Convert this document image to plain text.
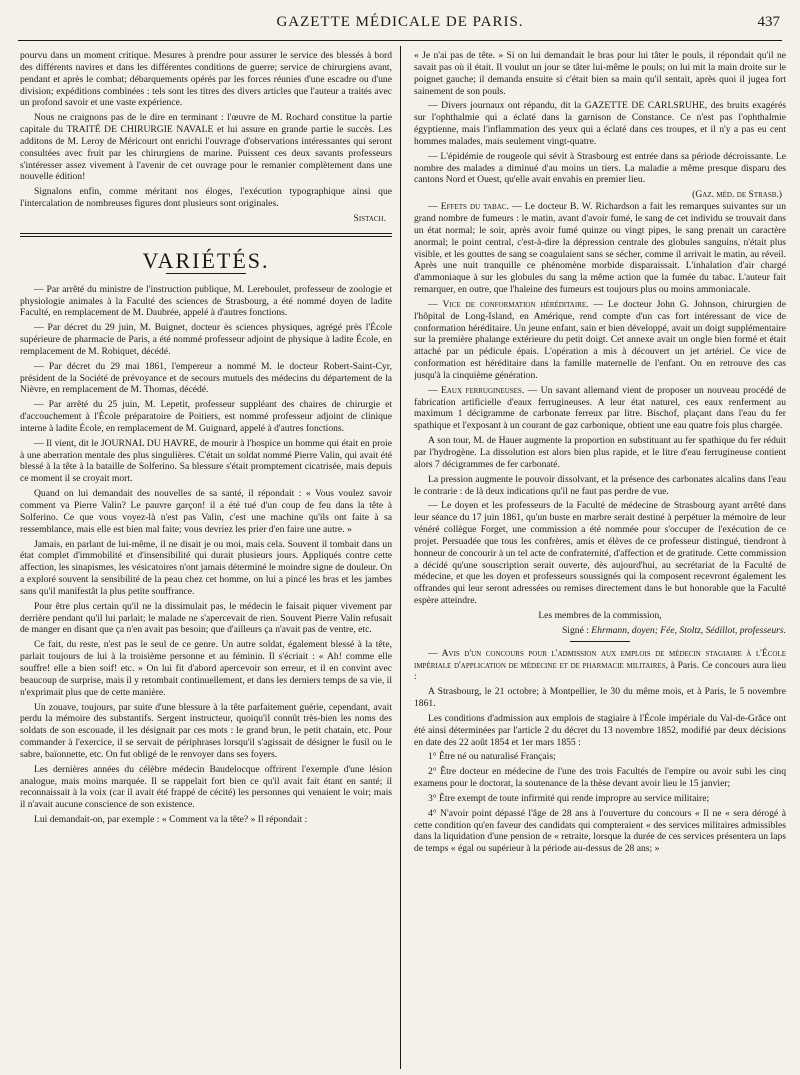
GAZETTE MÉDICALE DE PARIS.	437

pourvu dans un moment critique. Mesures à prendre pour assurer le service des blessés à bord des différents navires et dans les différentes conditions de guerre; service de chirurgiens avant, pendant et après le combat; débarquements opérés par les forces réunies d'une escadre ou d'une division; expéditions combinées : tels sont les titres des divers articles que l'auteur a traités avec un profond savoir et une vaste expérience.

Nous ne craignons pas de le dire en terminant : l'œuvre de M. Rochard constitue la partie capitale du TRAITÉ DE CHIRURGIE NAVALE et lui assure en grande partie le succès. Les additons de M. Leroy de Méricourt ont enrichi l'ouvrage d'observations intéressantes qui seront consultées avec fruit par les chirurgiens de marine. Puissent ces deux savants professeurs s'intéresser assez vivement à l'avenir de cet ouvrage pour le remanier complètement dans une nouvelle édition!

Signalons enfin, comme méritant nos éloges, l'exécution typographique ainsi que l'intercalation de nombreuses figures dont plusieurs sont originales.

Sistach.
VARIÉTÉS.

— Par arrêté du ministre de l'instruction publique, M. Lereboulet, professeur de zoologie et physiologie animales à la Faculté des sciences de Strasbourg, a été nommé doyen de ladite Faculté, en remplacement de M. Daubrée, appelé à d'autres fonctions.

— Par décret du 29 juin, M. Buignet, docteur ès sciences physiques, agrégé près l'École supérieure de pharmacie de Paris, a été nommé professeur adjoint de physique à ladite École, en remplacement de M. Robiquet, décédé.

— Par décret du 29 mai 1861, l'empereur a nommé M. le docteur Robert-Saint-Cyr, président de la Société de prévoyance et de secours mutuels des médecins du département de la Nièvre, en remplacement de M. Thomas, décédé.

— Par arrêté du 25 juin, M. Lepetit, professeur suppléant des chaires de chirurgie et d'accouchement à l'École préparatoire de Poitiers, est nommé professeur adjoint de clinique interne à ladite École, en remplacement de M. Guignard, appelé à d'autres fonctions.

— Il vient, dit le JOURNAL DU HAVRE, de mourir à l'hospice un homme qui était en proie à une aberration mentale des plus singulières. C'était un soldat nommé Pierre Valin, qui avait été blessé à la tête à la bataille de Solferino. Sa blessure s'était promptement cicatrisée, mais depuis ce moment il se croyait mort.

Quand on lui demandait des nouvelles de sa santé, il répondait : « Vous voulez savoir comment va Pierre Valin? Le pauvre garçon! il a été tué d'un coup de feu dans la tête à Solferino. Ce que vous voyez-là n'est pas Valin, c'est une machine qu'ils ont faite à sa ressemblance, mais elle est bien mal faite; vous devriez les prier d'en faire une autre. »

Jamais, en parlant de lui-même, il ne disait je ou moi, mais cela. Souvent il tombait dans un état complet d'immobilité et d'insensibilité qui durait plusieurs jours. Appliqués contre cette affection, les sinapismes, les vésicatoires n'ont jamais déterminé le moindre signe de douleur. On a exploré souvent la sensibilité de la peau chez cet homme, on lui a pincé les bras et les jambes sans qu'il manifestât la plus petite souffrance.

Pour être plus certain qu'il ne la dissimulait pas, le médecin le faisait piquer vivement par derrière pendant qu'il lui parlait; le malade ne s'apercevait de rien. Souvent Pierre Valin refusait de manger en disant que ça n'en avait pas besoin; que d'ailleurs ça n'avait pas de ventre, etc.

Ce fait, du reste, n'est pas le seul de ce genre. Un autre soldat, également blessé à la tête, parlait toujours de lui à la troisième personne et au féminin. Il s'écriait : « Ah! comme elle souffre! elle a bien soif! etc. » On lui fit d'abord apercevoir son erreur, et il en convint avec beaucoup de surprise, mais il y retombait continuellement, et dans les derniers temps de sa vie, il n'exprimait plus que de cette manière.

Un zouave, toujours, par suite d'une blessure à la tête parfaitement guérie, cependant, avait perdu la mémoire des substantifs. Sergent instructeur, quoiqu'il connût très-bien les noms des soldats de son escouade, il les désignait par ces mots : le grand brun, le petit chatain, etc. Pour commander à l'exercice, il se servait de périphrases lorsqu'il s'agissait de désigner le fusil ou le sabre, baïonnette, etc. On fut obligé de le renvoyer dans ses foyers.

Les dernières années du célèbre médecin Baudelocque offrirent l'exemple d'une lésion analogue, mais moins marquée. Il se rappelait fort bien ce qu'il avait fait étant en santé; il reconnaissait à la voix (car il avait été frappé de cécité) les personnes qui venaient le voir; mais il n'avait aucune conscience de son existence.

Lui demandait-on, par exemple : « Comment va la tête? » Il répondait :

« Je n'ai pas de tête. » Si on lui demandait le bras pour lui tâter le pouls, il répondait qu'il ne savait pas où il était. Il voulut un jour se tâter lui-même le pouls; on lui mit la main droite sur le poignet gauche; il demanda ensuite si c'était bien sa main qu'il sentait, après quoi il jugea fort sainement de son pouls.

— Divers journaux ont répandu, dit la GAZETTE DE CARLSRUHE, des bruits exagérés sur l'ophthalmie qui a éclaté dans la garnison de Constance. Ce n'est pas l'ophthalmie égyptienne, mais l'inflammation des yeux qui a éclaté dans ces troupes, et il n'y a pas eu cent hommes malades, mais seulement vingt-quatre.

— L'épidémie de rougeole qui sévit à Strasbourg est entrée dans sa période décroissante. Le nombre des malades a diminué d'au moins un tiers. La maladie a même presque disparu des cantons Nord et Ouest, qu'elle avait envahis en premier lieu.

(Gaz. méd. de Strasb.)

— Effets du tabac. — Le docteur B. W. Richardson a fait les remarques suivantes sur un grand nombre de fumeurs : le matin, avant d'avoir fumé, le sang de cet individu se trouvait dans un état normal; le soir, après avoir fumé quinze ou vingt pipes, le sang prenait un caractère anormal; le point central, c'est-à-dire la dépression centrale des globules sanguins, n'était plus visible, et les gouttes de sang se coagulaient sans se sécher, comme il arrivait le matin, au réveil. Après une nuit tranquille ce phénomène morbide disparaissait. L'inhalation d'air chargé d'ammoniaque à sur les globules du sang la même action que la fumée du tabac. L'auteur fait remarquer, en outre, que l'haleine des fumeurs est toujours plus ou moins ammoniacale.

— Vice de conformation héréditaire. — Le docteur John G. Johnson, chirurgien de l'hôpital de Long-Island, en Amérique, rend compte d'un cas fort intéressant de vice de conformation héréditaire. Un jeune enfant, sain et bien développé, avait un doigt supplémentaire sur la première phalange extérieure du petit doigt. Cet annexe avait un ongle bien formé et était attaché par un pédicule épais. L'opération a mis à découvert un jet artériel. Ce vice de conformation est héréditaire dans la famille maternelle de l'enfant. On en retrouve des cas jusqu'à la cinquième génération.

— Eaux ferrugineuses. — Un savant allemand vient de proposer un nouveau procédé de fabrication artificielle d'eaux ferrugineuses. A leur état naturel, ces eaux renferment au maximum 1 décigramme de carbonate ferreux par litre. Bischof, plaçant dans l'eau du fer spathique et l'exposant à un courant de gaz carbonique, obtient une eau quatre fois plus chargée.

A son tour, M. de Hauer augmente la proportion en substituant au fer spathique du fer réduit par l'hydrogène. La dissolution est alors bien plus rapide, et le litre d'eau ferrugineuse contient alors 7 décigrammes de fer carbonaté.

La pression augmente le pouvoir dissolvant, et la présence des carbonates alcalins dans l'eau le contrarie : de là deux indications qu'il ne faut pas perdre de vue.

— Le doyen et les professeurs de la Faculté de médecine de Strasbourg ayant arrêté dans leur séance du 17 juin 1861, qu'un buste en marbre serait destiné à perpétuer la mémoire de leur vénéré collègue Forget, une commission a été nommée pour s'occuper de l'exécution de ce projet. Persuadée que tous les confrères, amis et élèves de ce professeur distingué, tiendront à honneur de concourir à un tel acte de confraternité, d'affection et de gratitude. Cette commission a décidé qu'une souscription serait ouverte, dès aujourd'hui, au secrétariat de la Faculté de médecine, et que les doyen et professeurs soussignés qui la composent recevront également les offrandes qui leur seront adressées ou remises directement dans le but honorable que la Faculté espère atteindre.

Les membres de la commission,

Signé : Ehrmann, doyen; Fée, Stoltz, Sédillot, professeurs.

— Avis d'un concours pour l'admission aux emplois de médecin stagiaire à l'École impériale d'application de médecine et de pharmacie militaires, à Paris. Ce concours aura lieu :

A Strasbourg, le 21 octobre; à Montpellier, le 30 du même mois, et à Paris, le 5 novembre 1861.

Les conditions d'admission aux emplois de stagiaire à l'École impériale du Val-de-Grâce ont été ainsi déterminées par l'article 2 du décret du 13 novembre 1852, modifié par deux décisions en date des 22 août 1854 et 1er mars 1855 :

1° Être né ou naturalisé Français;

2° Être docteur en médecine de l'une des trois Facultés de l'empire ou avoir subi les cinq examens pour le doctorat, la soutenance de la thèse devant avoir lieu le 15 janvier;

3° Être exempt de toute infirmité qui rende impropre au service militaire;

4° N'avoir point dépassé l'âge de 28 ans à l'ouverture du concours « Il ne « sera dérogé à cette condition qu'en faveur des candidats qui compteraient « des services militaires admissibles dans la liquidation d'une pension de « retraite, lorsque la durée de ces services présentera un laps de temps « égal ou supérieur à la période au-dessus de 28 ans; »
